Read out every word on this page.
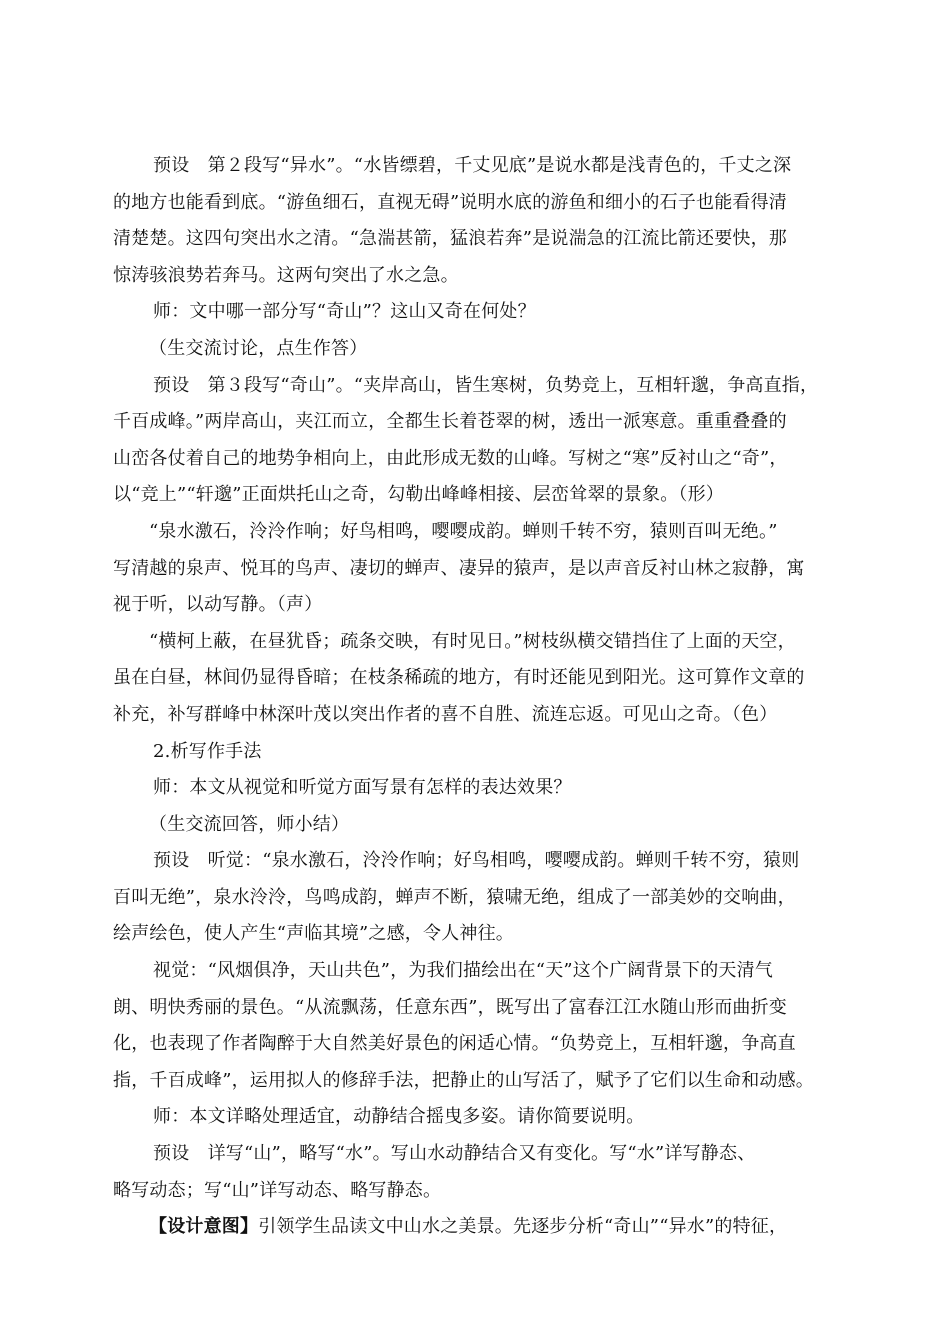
预设　第２段写“异水”。“水皆缥碧，千丈见底”是说水都是浅青色的，千丈之深
的地方也能看到底。“游鱼细石，直视无碍”说明水底的游鱼和细小的石子也能看得清
清楚楚。这四句突出水之清。“急湍甚箭，猛浪若奔”是说湍急的江流比箭还要快，那
惊涛骇浪势若奔马。这两句突出了水之急。
师：文中哪一部分写“奇山”？这山又奇在何处？
（生交流讨论，点生作答）
预设　第３段写“奇山”。“夹岸高山，皆生寒树，负势竞上，互相轩邈，争高直指，
千百成峰。”两岸高山，夹江而立，全都生长着苍翠的树，透出一派寒意。重重叠叠的
山峦各仗着自己的地势争相向上，由此形成无数的山峰。写树之“寒”反衬山之“奇”，
以“竞上”“轩邈”正面烘托山之奇，勾勒出峰峰相接、层峦耸翠的景象。（形）
“泉水激石，泠泠作响；好鸟相鸣，嘤嘤成韵。蝉则千转不穷，猿则百叫无绝。”
写清越的泉声、悦耳的鸟声、凄切的蝉声、凄异的猿声，是以声音反衬山林之寂静，寓
视于听，以动写静。（声）
“横柯上蔽，在昼犹昏；疏条交映，有时见日。”树枝纵横交错挡住了上面的天空，
虽在白昼，林间仍显得昏暗；在枝条稀疏的地方，有时还能见到阳光。这可算作文章的
补充，补写群峰中林深叶茂以突出作者的喜不自胜、流连忘返。可见山之奇。（色）
2.析写作手法
师：本文从视觉和听觉方面写景有怎样的表达效果？
（生交流回答，师小结）
预设　听觉：“泉水激石，泠泠作响；好鸟相鸣，嘤嘤成韵。蝉则千转不穷，猿则
百叫无绝”，泉水泠泠，鸟鸣成韵，蝉声不断，猿啸无绝，组成了一部美妙的交响曲，
绘声绘色，使人产生“声临其境”之感，令人神往。
视觉：“风烟俱净，天山共色”，为我们描绘出在“天”这个广阔背景下的天清气
朗、明快秀丽的景色。“从流飘荡，任意东西”，既写出了富春江江水随山形而曲折变
化，也表现了作者陶醉于大自然美好景色的闲适心情。“负势竞上，互相轩邈，争高直
指，千百成峰”，运用拟人的修辞手法，把静止的山写活了，赋予了它们以生命和动感。
师：本文详略处理适宜，动静结合摇曳多姿。请你简要说明。
预设　详写“山”，略写“水”。写山水动静结合又有变化。写“水”详写静态、
略写动态；写“山”详写动态、略写静态。
【设计意图】引领学生品读文中山水之美景。先逐步分析“奇山”“异水”的特征，
